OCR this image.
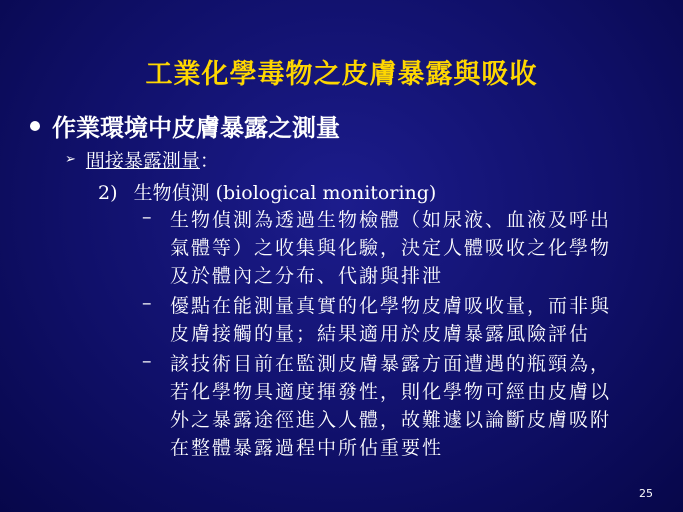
工業化學毒物之皮膚暴露與吸收
作業環境中皮膚暴露之測量
➢ 間接暴露測量 ：
2) 生物偵測 (biological monitoring)
– 生物偵測為透過生物檢體（如尿液、血液及呼出
氣體等）之收集與化驗，決定人體吸收之化學物
及於體內之分布、代謝與排泄
– 優點在能測量真實的化學物皮膚吸收量，而非與
皮膚接觸的量；結果適用於皮膚暴露風險評估
– 該技術目前在監測皮膚暴露方面遭遇的瓶頸為，
若化學物具適度揮發性，則化學物可經由皮膚以
外之暴露途徑進入人體，故難遽以論斷皮膚吸附
在整體暴露過程中所佔重要性
25
